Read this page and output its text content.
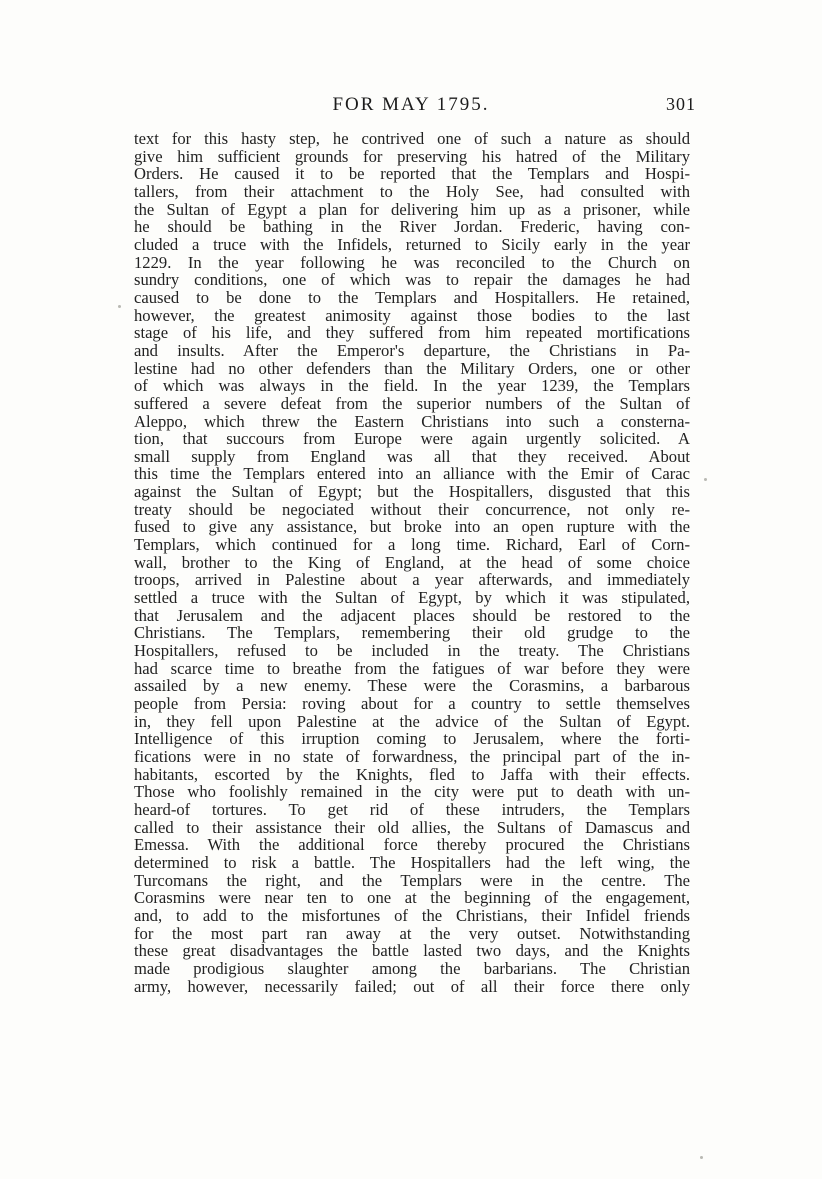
FOR MAY 1795.	301
text for this hasty step, he contrived one of such a nature as should
give him sufficient grounds for preserving his hatred of the Military
Orders. He caused it to be reported that the Templars and Hospi-
tallers, from their attachment to the Holy See, had consulted with
the Sultan of Egypt a plan for delivering him up as a prisoner, while
he should be bathing in the River Jordan. Frederic, having con-
cluded a truce with the Infidels, returned to Sicily early in the year
1229. In the year following he was reconciled to the Church on
sundry conditions, one of which was to repair the damages he had
caused to be done to the Templars and Hospitallers. He retained,
however, the greatest animosity against those bodies to the last
stage of his life, and they suffered from him repeated mortifications
and insults. After the Emperor's departure, the Christians in Pa-
lestine had no other defenders than the Military Orders, one or other
of which was always in the field. In the year 1239, the Templars
suffered a severe defeat from the superior numbers of the Sultan of
Aleppo, which threw the Eastern Christians into such a consterna-
tion, that succours from Europe were again urgently solicited. A
small supply from England was all that they received. About
this time the Templars entered into an alliance with the Emir of Carac
against the Sultan of Egypt; but the Hospitallers, disgusted that this
treaty should be negociated without their concurrence, not only re-
fused to give any assistance, but broke into an open rupture with the
Templars, which continued for a long time. Richard, Earl of Corn-
wall, brother to the King of England, at the head of some choice
troops, arrived in Palestine about a year afterwards, and immediately
settled a truce with the Sultan of Egypt, by which it was stipulated,
that Jerusalem and the adjacent places should be restored to the
Christians. The Templars, remembering their old grudge to the
Hospitallers, refused to be included in the treaty. The Christians
had scarce time to breathe from the fatigues of war before they were
assailed by a new enemy. These were the Corasmins, a barbarous
people from Persia: roving about for a country to settle themselves
in, they fell upon Palestine at the advice of the Sultan of Egypt.
Intelligence of this irruption coming to Jerusalem, where the forti-
fications were in no state of forwardness, the principal part of the in-
habitants, escorted by the Knights, fled to Jaffa with their effects.
Those who foolishly remained in the city were put to death with un-
heard-of tortures. To get rid of these intruders, the Templars
called to their assistance their old allies, the Sultans of Damascus and
Emessa. With the additional force thereby procured the Christians
determined to risk a battle. The Hospitallers had the left wing, the
Turcomans the right, and the Templars were in the centre. The
Corasmins were near ten to one at the beginning of the engagement,
and, to add to the misfortunes of the Christians, their Infidel friends
for the most part ran away at the very outset. Notwithstanding
these great disadvantages the battle lasted two days, and the Knights
made prodigious slaughter among the barbarians. The Christian
army, however, necessarily failed; out of all their force there only
